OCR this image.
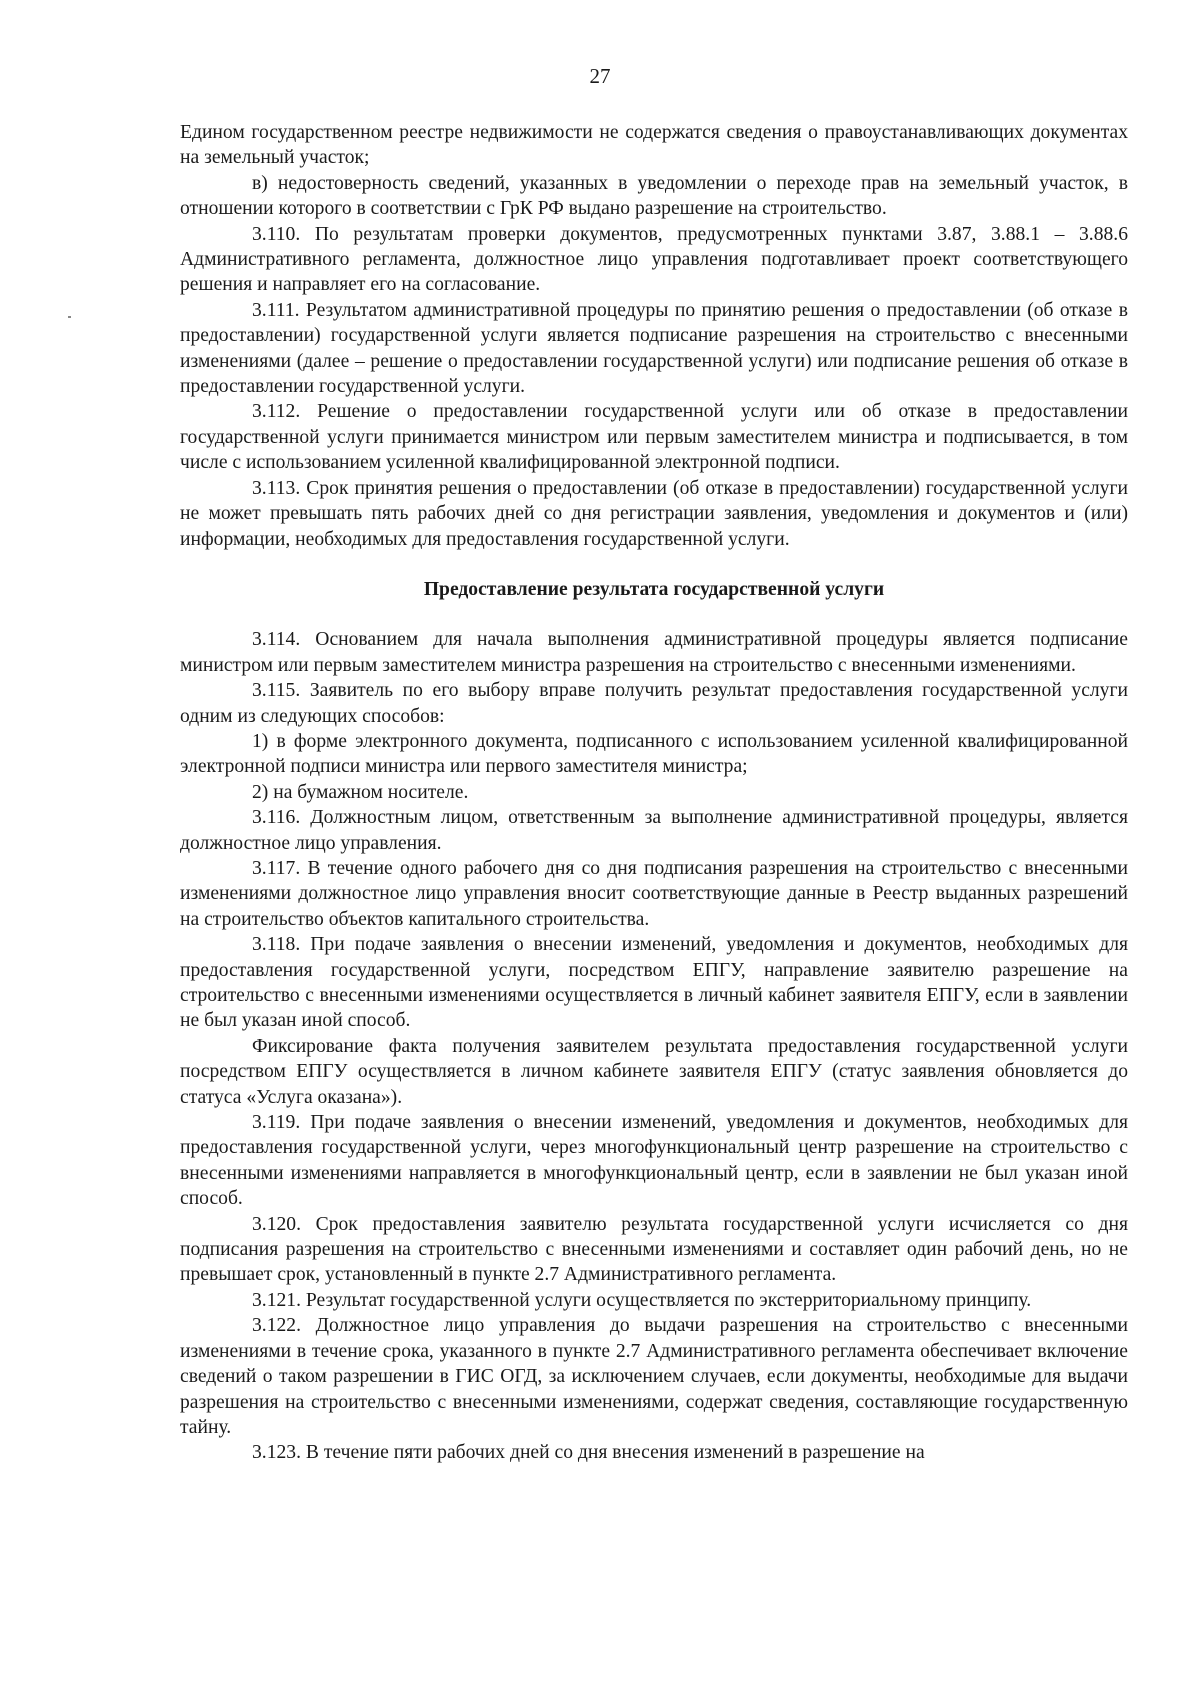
27

Едином государственном реестре недвижимости не содержатся сведения о правоустанавливающих документах на земельный участок;

в) недостоверность сведений, указанных в уведомлении о переходе прав на земельный участок, в отношении которого в соответствии с ГрК РФ выдано разрешение на строительство.

3.110. По результатам проверки документов, предусмотренных пунктами 3.87, 3.88.1 – 3.88.6 Административного регламента, должностное лицо управления подготавливает проект соответствующего решения и направляет его на согласование.

3.111. Результатом административной процедуры по принятию решения о предоставлении (об отказе в предоставлении) государственной услуги является подписание разрешения на строительство с внесенными изменениями (далее – решение о предоставлении государственной услуги) или подписание решения об отказе в предоставлении государственной услуги.

3.112. Решение о предоставлении государственной услуги или об отказе в предоставлении государственной услуги принимается министром или первым заместителем министра и подписывается, в том числе с использованием усиленной квалифицированной электронной подписи.

3.113. Срок принятия решения о предоставлении (об отказе в предоставлении) государственной услуги не может превышать пять рабочих дней со дня регистрации заявления, уведомления и документов и (или) информации, необходимых для предоставления государственной услуги.

Предоставление результата государственной услуги

3.114. Основанием для начала выполнения административной процедуры является подписание министром или первым заместителем министра разрешения на строительство с внесенными изменениями.

3.115. Заявитель по его выбору вправе получить результат предоставления государственной услуги одним из следующих способов:

1) в форме электронного документа, подписанного с использованием усиленной квалифицированной электронной подписи министра или первого заместителя министра;

2) на бумажном носителе.

3.116. Должностным лицом, ответственным за выполнение административной процедуры, является должностное лицо управления.

3.117. В течение одного рабочего дня со дня подписания разрешения на строительство с внесенными изменениями должностное лицо управления вносит соответствующие данные в Реестр выданных разрешений на строительство объектов капитального строительства.

3.118. При подаче заявления о внесении изменений, уведомления и документов, необходимых для предоставления государственной услуги, посредством ЕПГУ, направление заявителю разрешение на строительство с внесенными изменениями осуществляется в личный кабинет заявителя ЕПГУ, если в заявлении не был указан иной способ.

Фиксирование факта получения заявителем результата предоставления государственной услуги посредством ЕПГУ осуществляется в личном кабинете заявителя ЕПГУ (статус заявления обновляется до статуса «Услуга оказана»).

3.119. При подаче заявления о внесении изменений, уведомления и документов, необходимых для предоставления государственной услуги, через многофункциональный центр разрешение на строительство с внесенными изменениями направляется в многофункциональный центр, если в заявлении не был указан иной способ.

3.120. Срок предоставления заявителю результата государственной услуги исчисляется со дня подписания разрешения на строительство с внесенными изменениями и составляет один рабочий день, но не превышает срок, установленный в пункте 2.7 Административного регламента.

3.121. Результат государственной услуги осуществляется по экстерриториальному принципу.

3.122. Должностное лицо управления до выдачи разрешения на строительство с внесенными изменениями в течение срока, указанного в пункте 2.7 Административного регламента обеспечивает включение сведений о таком разрешении в ГИС ОГД, за исключением случаев, если документы, необходимые для выдачи разрешения на строительство с внесенными изменениями, содержат сведения, составляющие государственную тайну.

3.123. В течение пяти рабочих дней со дня внесения изменений в разрешение на
